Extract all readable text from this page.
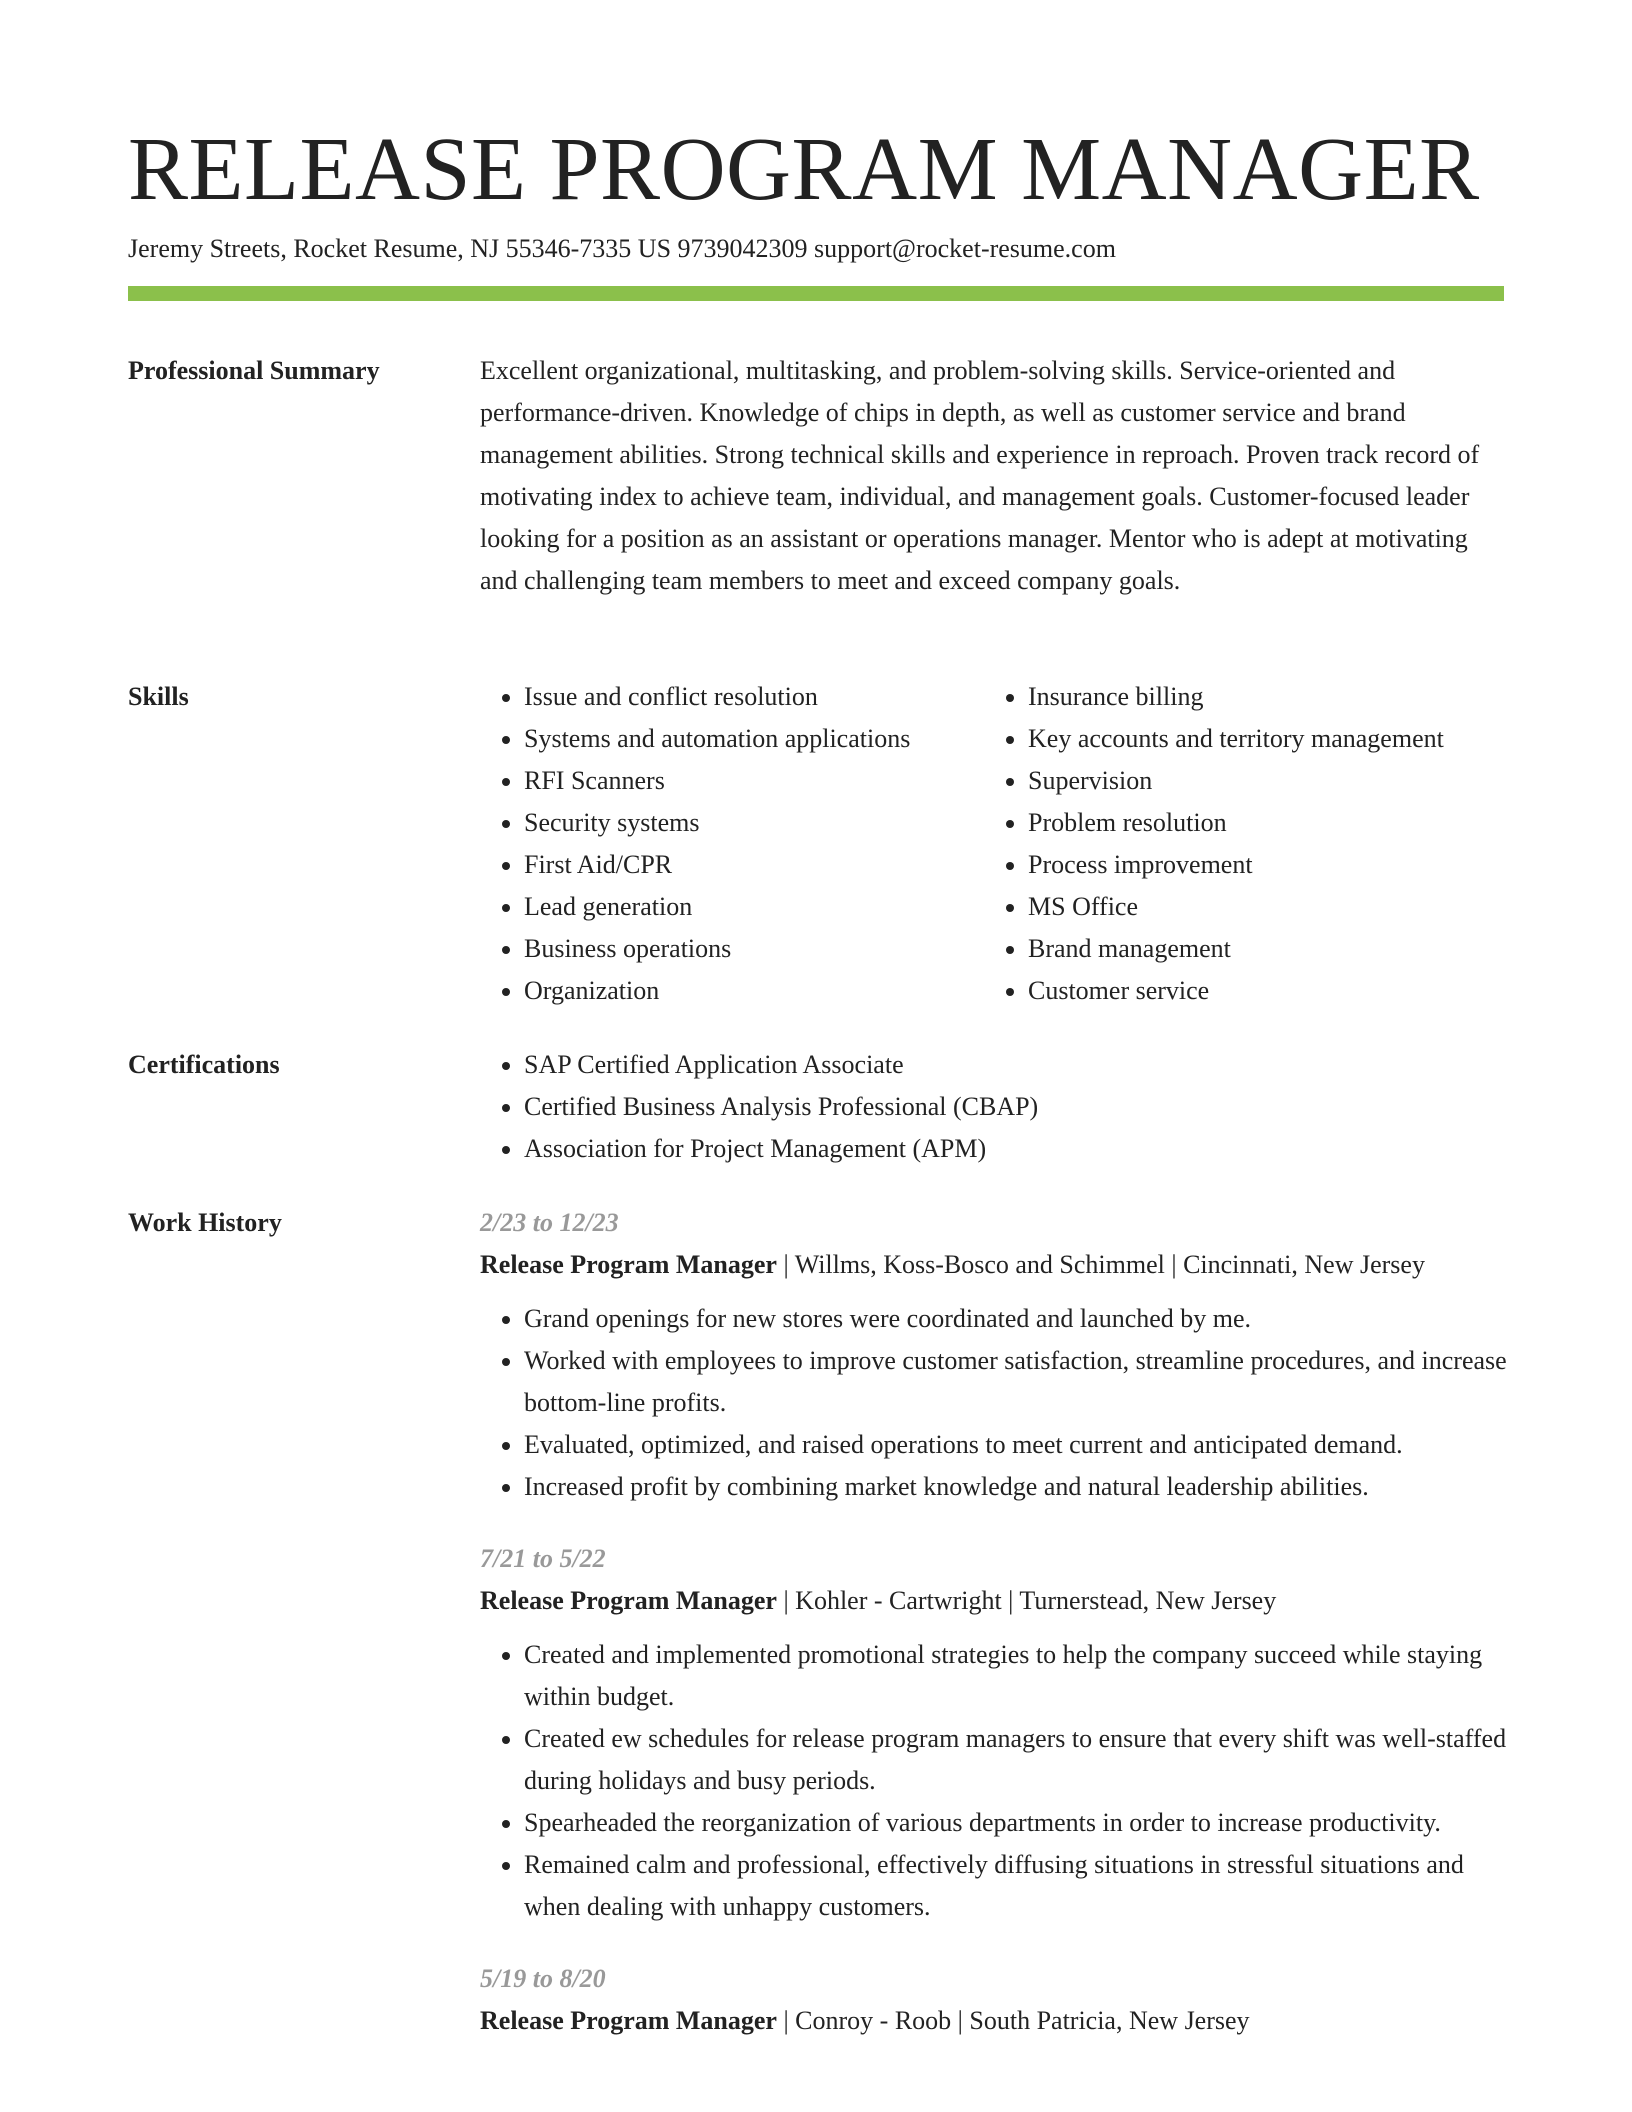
RELEASE PROGRAM MANAGER
Jeremy Streets, Rocket Resume, NJ 55346-7335 US 9739042309 support@rocket-resume.com
Professional Summary	Excellent organizational, multitasking, and problem-solving skills. Service-oriented and performance-driven. Knowledge of chips in depth, as well as customer service and brand management abilities. Strong technical skills and experience in reproach. Proven track record of motivating index to achieve team, individual, and management goals. Customer-focused leader looking for a position as an assistant or operations manager. Mentor who is adept at motivating and challenging team members to meet and exceed company goals.
Skills	• Issue and conflict resolution
• Systems and automation applications
• RFI Scanners
• Security systems
• First Aid/CPR
• Lead generation
• Business operations
• Organization
• Insurance billing
• Key accounts and territory management
• Supervision
• Problem resolution
• Process improvement
• MS Office
• Brand management
• Customer service
Certifications	• SAP Certified Application Associate
• Certified Business Analysis Professional (CBAP)
• Association for Project Management (APM)
Work History	2/23 to 12/23
Release Program Manager | Willms, Koss-Bosco and Schimmel | Cincinnati, New Jersey
• Grand openings for new stores were coordinated and launched by me.
• Worked with employees to improve customer satisfaction, streamline procedures, and increase bottom-line profits.
• Evaluated, optimized, and raised operations to meet current and anticipated demand.
• Increased profit by combining market knowledge and natural leadership abilities.
7/21 to 5/22
Release Program Manager | Kohler - Cartwright | Turnerstead, New Jersey
• Created and implemented promotional strategies to help the company succeed while staying within budget.
• Created ew schedules for release program managers to ensure that every shift was well-staffed during holidays and busy periods.
• Spearheaded the reorganization of various departments in order to increase productivity.
• Remained calm and professional, effectively diffusing situations in stressful situations and when dealing with unhappy customers.
5/19 to 8/20
Release Program Manager | Conroy - Roob | South Patricia, New Jersey
